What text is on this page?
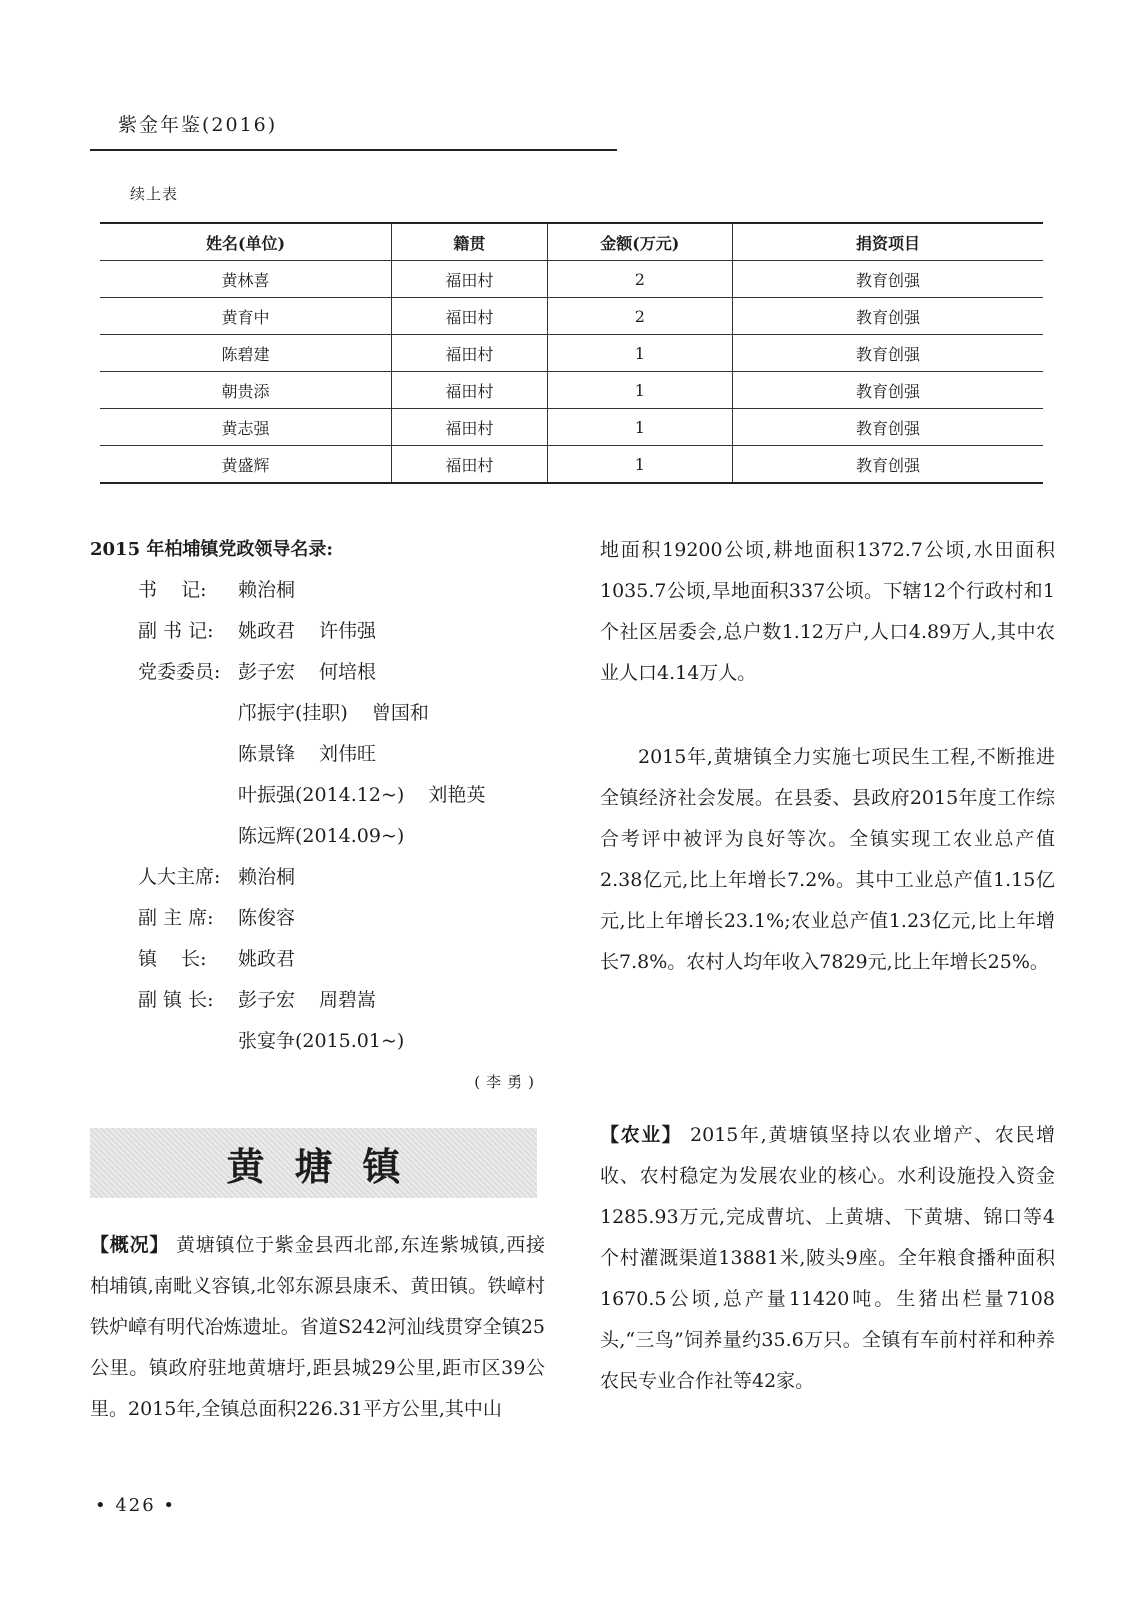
紫金年鉴(2016)
续上表
姓名(单位)	籍贯	金额(万元)	捐资项目
黄林喜	福田村	2	教育创强
黄育中	福田村	2	教育创强
陈碧建	福田村	1	教育创强
朝贵添	福田村	1	教育创强
黄志强	福田村	1	教育创强
黄盛辉	福田村	1	教育创强

2015 年柏埔镇党政领导名录:

书    记:	赖治桐
副 书 记:	姚政君 许伟强
党委委员: 彭子宏 何培根
邝振宇(挂职) 曾国和
陈景锋 刘伟旺
叶振强(2014.12~) 刘艳英
陈远辉(2014.09~)
人大主席: 赖治桐
副 主 席:	陈俊容
镇    长:	姚政君
副 镇 长:	彭子宏 周碧嵩
张宴争(2015.01~)
(李勇)
黄塘镇

【概况】 黄塘镇位于紫金县西北部,东连紫城镇,西接柏埔镇,南毗义容镇,北邻东源县康禾、黄田镇。铁嶂村铁炉嶂有明代冶炼遗址。省道S242河汕线贯穿全镇25公里。镇政府驻地黄塘圩,距县城29公里,距市区39公里。2015年,全镇总面积226.31平方公里,其中山

地面积19200公顷,耕地面积1372.7公顷,水田面积1035.7公顷,旱地面积337公顷。下辖12个行政村和1个社区居委会,总户数1.12万户,人口4.89万人,其中农业人口4.14万人。

2015年,黄塘镇全力实施七项民生工程,不断推进全镇经济社会发展。在县委、县政府2015年度工作综合考评中被评为良好等次。全镇实现工农业总产值2.38亿元,比上年增长7.2%。其中工业总产值1.15亿元,比上年增长23.1%;农业总产值1.23亿元,比上年增长7.8%。农村人均年收入7829元,比上年增长25%。

【农业】 2015年,黄塘镇坚持以农业增产、农民增收、农村稳定为发展农业的核心。水利设施投入资金1285.93万元,完成曹坑、上黄塘、下黄塘、锦口等4个村灌溉渠道13881米,陂头9座。全年粮食播种面积1670.5公顷,总产量11420吨。生猪出栏量7108头,“三鸟”饲养量约35.6万只。全镇有车前村祥和种养农民专业合作社等42家。

• 426 •
